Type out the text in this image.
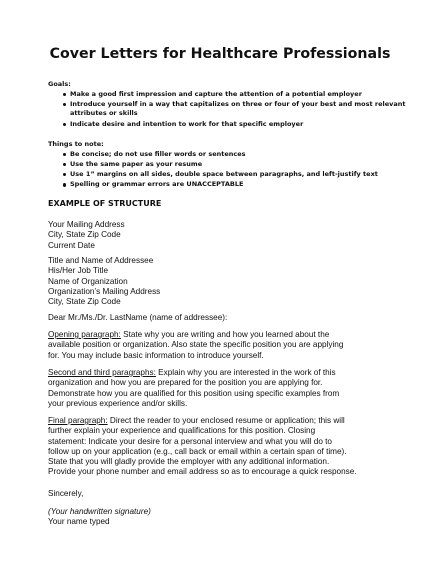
Cover Letters for Healthcare Professionals

Goals:

Make a good first impression and capture the attention of a potential employer
Introduce yourself in a way that capitalizes on three or four of your best and most relevant
attributes or skills
Indicate desire and intention to work for that specific employer

Things to note:

Be concise; do not use filler words or sentences
Use the same paper as your resume
Use 1” margins on all sides, double space between paragraphs, and left-justify text
Spelling or grammar errors are UNACCEPTABLE

EXAMPLE OF STRUCTURE

Your Mailing Address
City, State Zip Code
Current Date
Title and Name of Addressee
His/Her Job Title
Name of Organization
Organization’s Mailing Address
City, State Zip Code
Dear Mr./Ms./Dr. LastName (name of addressee):
Opening paragraph: State why you are writing and how you learned about the
available position or organization. Also state the specific position you are applying
for. You may include basic information to introduce yourself.
Second and third paragraphs: Explain why you are interested in the work of this
organization and how you are prepared for the position you are applying for.
Demonstrate how you are qualified for this position using specific examples from
your previous experience and/or skills.
Final paragraph: Direct the reader to your enclosed resume or application; this will
further explain your experience and qualifications for this position. Closing
statement: Indicate your desire for a personal interview and what you will do to
follow up on your application (e.g., call back or email within a certain span of time).
State that you will gladly provide the employer with any additional information.
Provide your phone number and email address so as to encourage a quick response.
Sincerely,
(Your handwritten signature)
Your name typed
